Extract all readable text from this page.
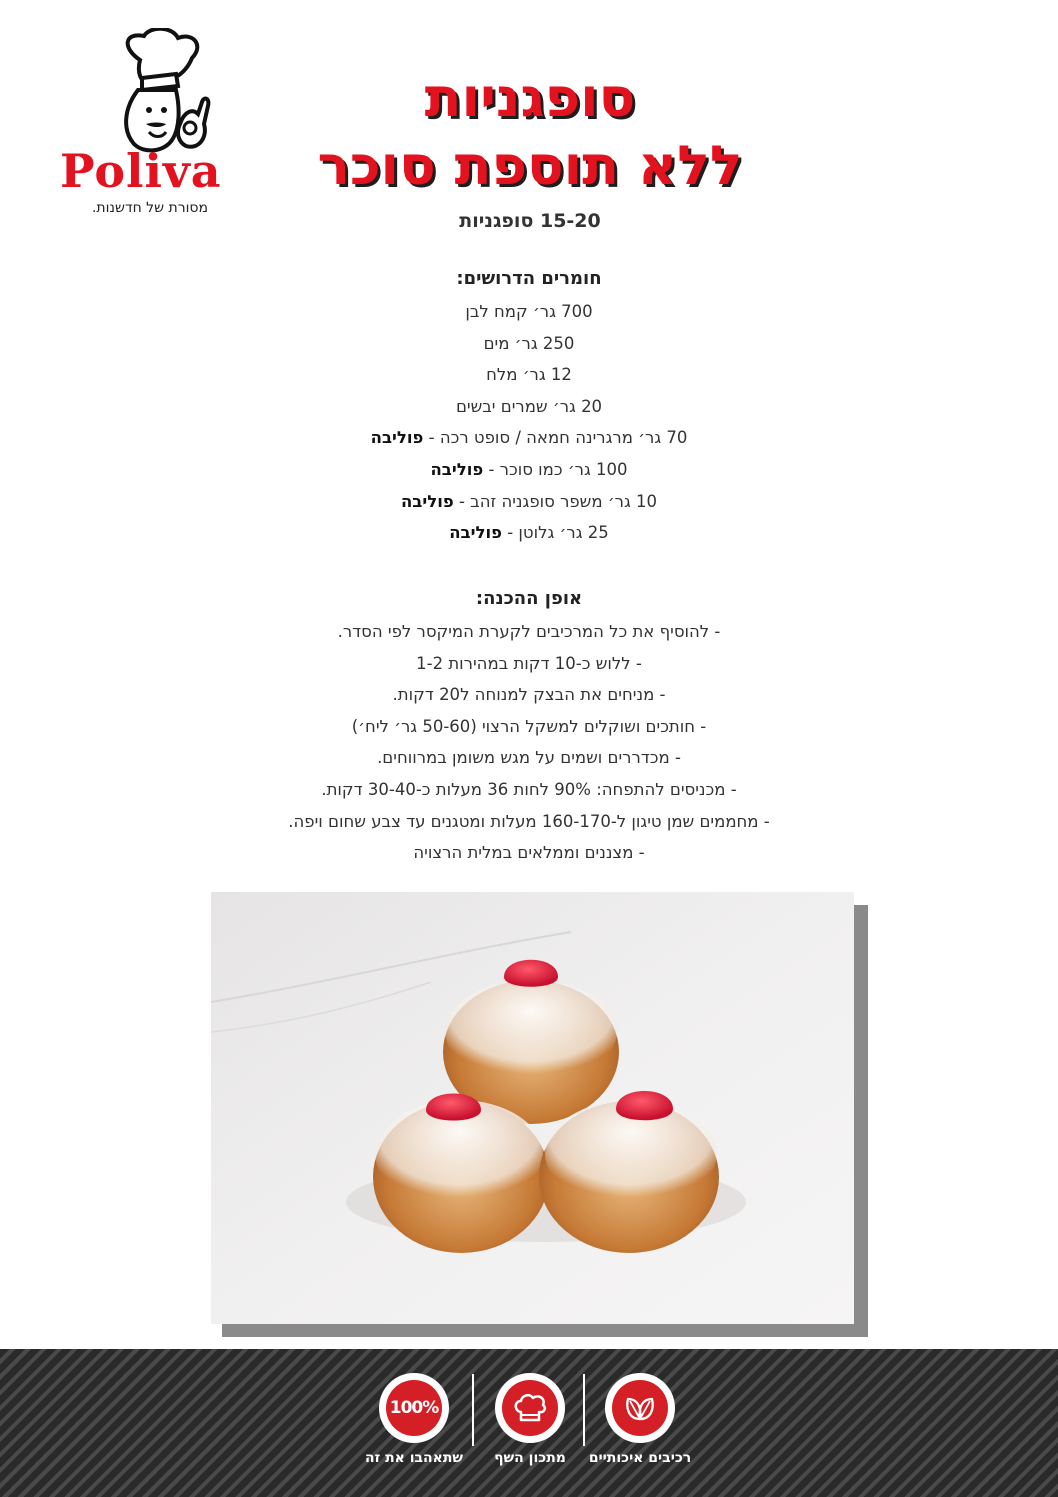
Poliva
מסורת של חדשנות.
סופגניות
ללא תוספת סוכר
15-20 סופגניות
חומרים הדרושים:
700 גר׳ קמח לבן
250 גר׳ מים
12 גר׳ מלח
20 גר׳ שמרים יבשים
70 גר׳ מרגרינה חמאה / סופט רכה - פוליבה
100 גר׳ כמו סוכר - פוליבה
10 גר׳ משפר סופגניה זהב - פוליבה
25 גר׳ גלוטן - פוליבה
אופן ההכנה:
- להוסיף את כל המרכיבים לקערת המיקסר לפי הסדר.
- ללוש כ-10 דקות במהירות 1-2
- מניחים את הבצק למנוחה ל20 דקות.
- חותכים ושוקלים למשקל הרצוי (50-60 גר׳ ליח׳)
- מכדררים ושמים על מגש משומן במרווחים.
- מכניסים להתפחה: 90% לחות 36 מעלות כ-30-40 דקות.
- מחממים שמן טיגון ל-160-170 מעלות ומטגנים עד צבע שחום ויפה.
- מצננים וממלאים במלית הרצויה
100%
שתאהבו את זה	מתכון השף	רכיבים איכותיים
